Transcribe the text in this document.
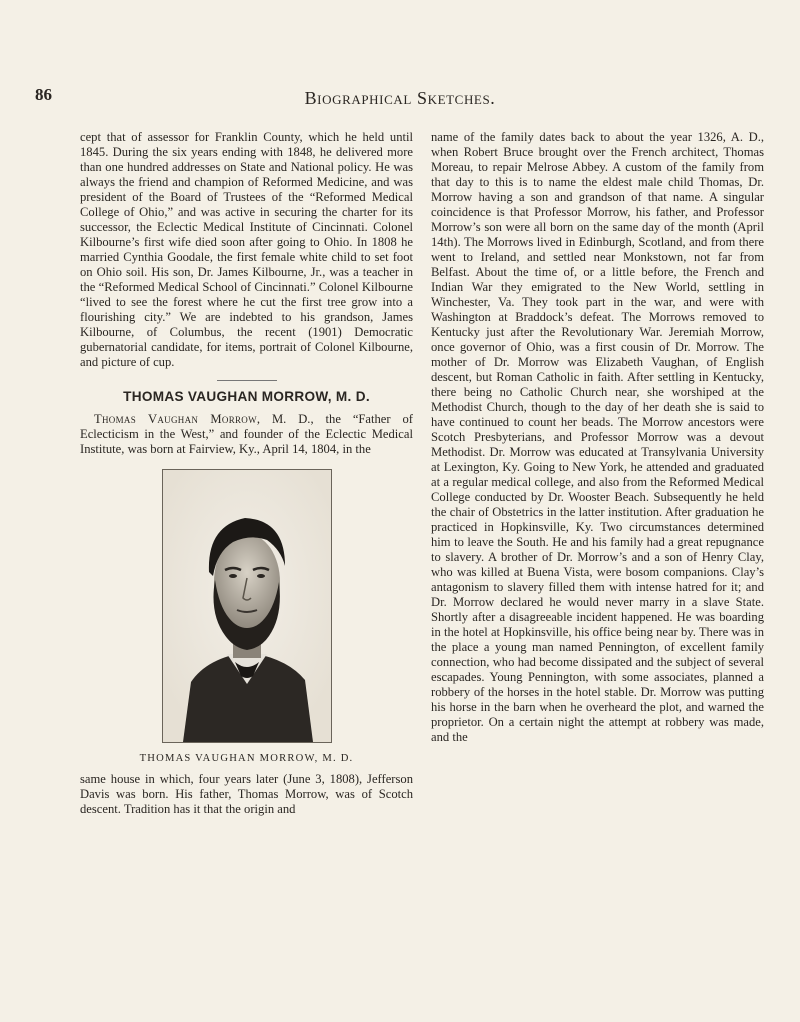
86	Biographical Sketches.

cept that of assessor for Franklin County, which he held until 1845. During the six years ending with 1848, he delivered more than one hundred addresses on State and National policy. He was always the friend and champion of Reformed Medicine, and was president of the Board of Trustees of the “Reformed Medical College of Ohio,” and was active in securing the charter for its successor, the Eclectic Medical Institute of Cincinnati. Colonel Kilbourne’s first wife died soon after going to Ohio. In 1808 he married Cynthia Goodale, the first female white child to set foot on Ohio soil. His son, Dr. James Kilbourne, Jr., was a teacher in the “Reformed Medical School of Cincinnati.” Colonel Kilbourne “lived to see the forest where he cut the first tree grow into a flourishing city.” We are indebted to his grandson, James Kilbourne, of Columbus, the recent (1901) Democratic gubernatorial candidate, for items, portrait of Colonel Kilbourne, and picture of cup.

THOMAS VAUGHAN MORROW, M. D.

Thomas Vaughan Morrow, M. D., the “Father of Eclecticism in the West,” and founder of the Eclectic Medical Institute, was born at Fairview, Ky., April 14, 1804, in the

THOMAS VAUGHAN MORROW, M. D.

same house in which, four years later (June 3, 1808), Jefferson Davis was born. His father, Thomas Morrow, was of Scotch descent. Tradition has it that the origin and

name of the family dates back to about the year 1326, A. D., when Robert Bruce brought over the French architect, Thomas Moreau, to repair Melrose Abbey. A custom of the family from that day to this is to name the eldest male child Thomas, Dr. Morrow having a son and grandson of that name. A singular coincidence is that Professor Morrow, his father, and Professor Morrow’s son were all born on the same day of the month (April 14th). The Morrows lived in Edinburgh, Scotland, and from there went to Ireland, and settled near Monkstown, not far from Belfast. About the time of, or a little before, the French and Indian War they emigrated to the New World, settling in Winchester, Va. They took part in the war, and were with Washington at Braddock’s defeat. The Morrows removed to Kentucky just after the Revolutionary War. Jeremiah Morrow, once governor of Ohio, was a first cousin of Dr. Morrow. The mother of Dr. Morrow was Elizabeth Vaughan, of English descent, but Roman Catholic in faith. After settling in Kentucky, there being no Catholic Church near, she worshiped at the Methodist Church, though to the day of her death she is said to have continued to count her beads. The Morrow ancestors were Scotch Presbyterians, and Professor Morrow was a devout Methodist. Dr. Morrow was educated at Transylvania University at Lexington, Ky. Going to New York, he attended and graduated at a regular medical college, and also from the Reformed Medical College conducted by Dr. Wooster Beach. Subsequently he held the chair of Obstetrics in the latter institution. After graduation he practiced in Hopkinsville, Ky. Two circumstances determined him to leave the South. He and his family had a great repugnance to slavery. A brother of Dr. Morrow’s and a son of Henry Clay, who was killed at Buena Vista, were bosom companions. Clay’s antagonism to slavery filled them with intense hatred for it; and Dr. Morrow declared he would never marry in a slave State. Shortly after a disagreeable incident happened. He was boarding in the hotel at Hopkinsville, his office being near by. There was in the place a young man named Pennington, of excellent family connection, who had become dissipated and the subject of several escapades. Young Pennington, with some associates, planned a robbery of the horses in the hotel stable. Dr. Morrow was putting his horse in the barn when he overheard the plot, and warned the proprietor. On a certain night the attempt at robbery was made, and the
